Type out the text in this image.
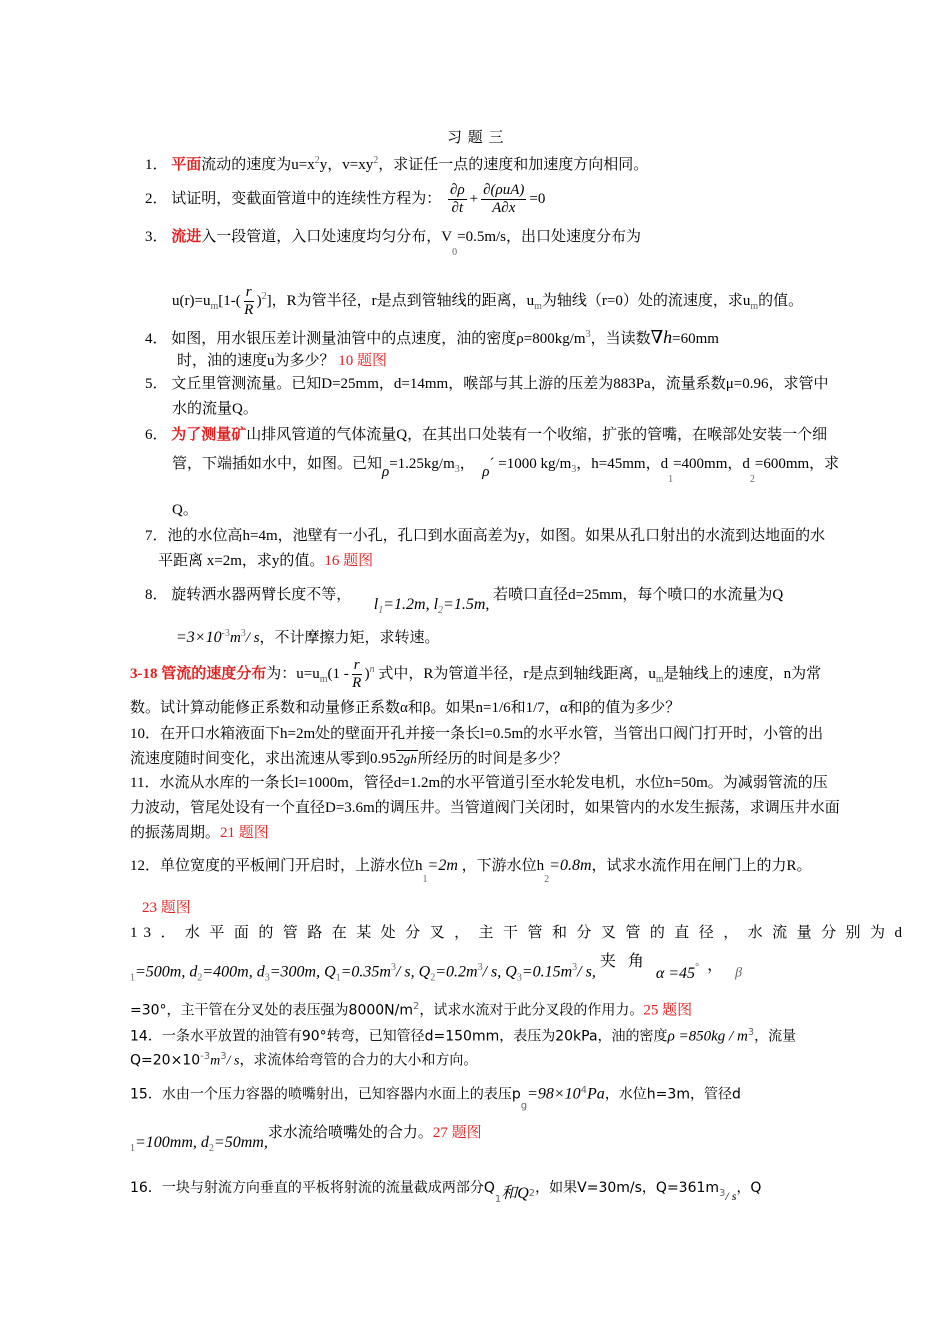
习 题 三
1． 平面流动的速度为$u=x^2y$，$v=xy^2$，求证任一点的速度和加速度方向相同。
2． 试证明，变截面管道中的连续性方程为： $\frac{\partial\rho}{\partial t} + \frac{\text{∂(ρuA)}}{A\partial x} =0$
3． 流进入一段管道，入口处速度均匀分布，$V_0=0.5m/s$，出口处速度分布为
$u(r)=u_m[1-( \frac{r}{R} )^2]$，R为管半径，r是点到管轴线的距离，$u_m$为轴线（r=0）处的流速度，求$u_m$的值。
4． 如图，用水银压差计测量油管中的点速度，油的密度$\rho=800kg/m^3$，当读数∇h=60mm
时，油的速度u为多少？ 10 题图
5． 文丘里管测流量。已知D=25mm，d=14mm，喉部与其上游的压差为883Pa，流量系数μ=0.96，求管中
水的流量Q。
6． 为了测量矿山排风管道的气体流量Q，在其出口处装有一个收缩，扩张的管嘴，在喉部处安装一个细
管，下端插如水中，如图。已知$\rho=1.25kg/m_3$， ρ´ =1000 $kg/m_3$，h=45mm，$d_1=400mm$，$d_2=600mm$，求
Q。
7．池的水位高h=4m，池壁有一小孔，孔口到水面高差为y，如图。如果从孔口射出的水流到达地面的水
平距离 x=2m，求y的值。16 题图
8． 旋转洒水器两臂长度不等，      $l_1=1.2m$, $l_2=1.5m$, 若喷口直径d=25mm，每个喷口的水流量为Q
$=3\times 10^{-3}m^3/$ s，不计摩擦力矩，求转速。
3-18 管流的速度分布为：$u=u_m(1 - \frac{r}{R} )^n$ 式中，R为管道半径，r是点到轴线距离，$u_m$是轴线上的速度，n为常
数。试计算动能修正系数和动量修正系数α和β。如果n=1/6和1/7，α和β的值为多少？
10．在开口水箱液面下h=2m处的壁面开孔并接一条长l=0.5m的水平水管，当管出口阀门打开时，小管的出
流速度随时间变化，求出流速从零到0.952gh所经历的时间是多少？
11．水流从水库的一条长l=1000m，管径d=1.2m的水平管道引至水轮发电机，水位h=50m。为减弱管流的压
力波动，管尾处设有一个直径D=3.6m的调压井。当管道阀门关闭时，如果管内的水发生振荡，求调压井水面
的振荡周期。21 题图
12．单位宽度的平板闸门开启时，上游水位$h_1=2m$ ，下游水位$h_2=0.8m$，试求水流作用在闸门上的力R。
23 题图
13．水平面的管路在某处分叉，主干管和分叉管的直径，水流量分别为d
$_1$=500m, $d_2=400m$, $d_3=300m$, $Q_1=0.35m^3/$ s, $Q_2=0.2m^3/$ s, $Q_3=0.15m^3/$ s, 夹 角  α =45° ， β
=30°，主干管在分叉处的表压强为$8000N/m^2$，试求水流对于此分叉段的作用力。25 题图
14．一条水平放置的油管有90°转弯，已知管径d=150mm，表压为20kPa，油的密度$\rho =850kg / m^3$，流量
$Q=20\times 10^{-3}m^3/$ s，求流体给弯管的合力的大小和方向。
15．水由一个压力容器的喷嘴射出，已知容器内水面上的表压$p_g=98\times 10^4Pa$，水位h=3m，管径d
$_1$=100mm, $d_2=50mm$,求水流给喷嘴处的合力。27 题图
16．一块与射流方向垂直的平板将射流的流量截成两部分$Q_1$和$Q_2$，如果V=30m/s，$Q=361m_3/$ s，Q
